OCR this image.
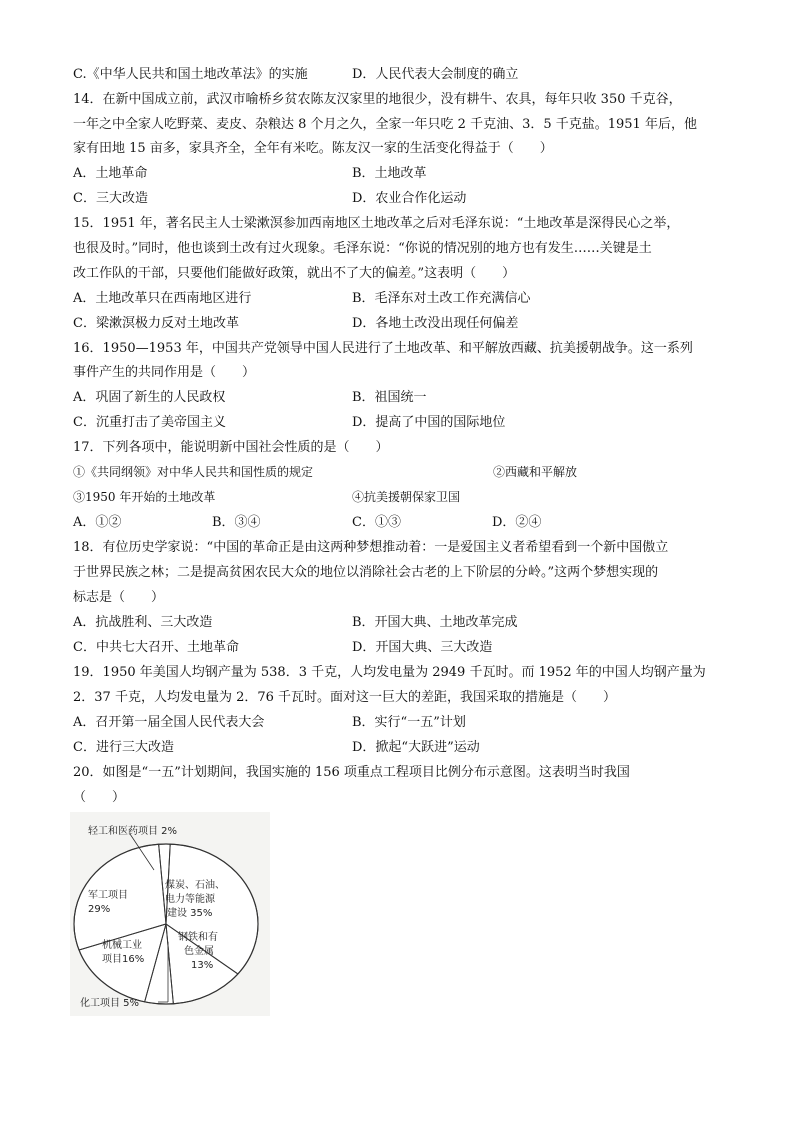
C.《中华人民共和国土地改革法》的实施	D．人民代表大会制度的确立
14．在新中国成立前，武汉市喻桥乡贫农陈友汉家里的地很少，没有耕牛、农具，每年只收 350 千克谷，
一年之中全家人吃野菜、麦皮、杂粮达 8 个月之久，全家一年只吃 2 千克油、3．5 千克盐。1951 年后，他
家有田地 15 亩多，家具齐全，全年有米吃。陈友汉一家的生活变化得益于（　　）
A．土地革命	B．土地改革
C．三大改造	D．农业合作化运动
15．1951 年，著名民主人士梁漱溟参加西南地区土地改革之后对毛泽东说：“土地改革是深得民心之举，
也很及时。”同时，他也谈到土改有过火现象。毛泽东说：“你说的情况别的地方也有发生……关键是土
改工作队的干部，只要他们能做好政策，就出不了大的偏差。”这表明（　　）
A．土地改革只在西南地区进行	B．毛泽东对土改工作充满信心
C．梁漱溟极力反对土地改革	D．各地土改没出现任何偏差
16．1950—1953 年，中国共产党领导中国人民进行了土地改革、和平解放西藏、抗美援朝战争。这一系列
事件产生的共同作用是（　　）
A．巩固了新生的人民政权	B．祖国统一
C．沉重打击了美帝国主义	D．提高了中国的国际地位
17．下列各项中，能说明新中国社会性质的是（　　）
①《共同纲领》对中华人民共和国性质的规定	②西藏和平解放
③1950 年开始的土地改革	④抗美援朝保家卫国
A．①②	B．③④	C．①③	D．②④
18．有位历史学家说：“中国的革命正是由这两种梦想推动着：一是爱国主义者希望看到一个新中国傲立
于世界民族之林；二是提高贫困农民大众的地位以消除社会古老的上下阶层的分岭。”这两个梦想实现的
标志是（　　）
A．抗战胜利、三大改造	B．开国大典、土地改革完成
C．中共七大召开、土地革命	D．开国大典、三大改造
19．1950 年美国人均钢产量为 538．3 千克，人均发电量为 2949 千瓦时。而 1952 年的中国人均钢产量为
2．37 千克，人均发电量为 2．76 千瓦时。面对这一巨大的差距，我国采取的措施是（　　）
A．召开第一届全国人民代表大会	B．实行“一五”计划
C．进行三大改造	D．掀起“大跃进”运动
20．如图是“一五”计划期间，我国实施的 156 项重点工程项目比例分布示意图。这表明当时我国
（　　）
轻工和医药项目 2%
煤炭、石油、
电力等能源
建设 35%
钢铁和有
色金属
13%
化工项目 5%
机械工业
项目16%
军工项目
29%
